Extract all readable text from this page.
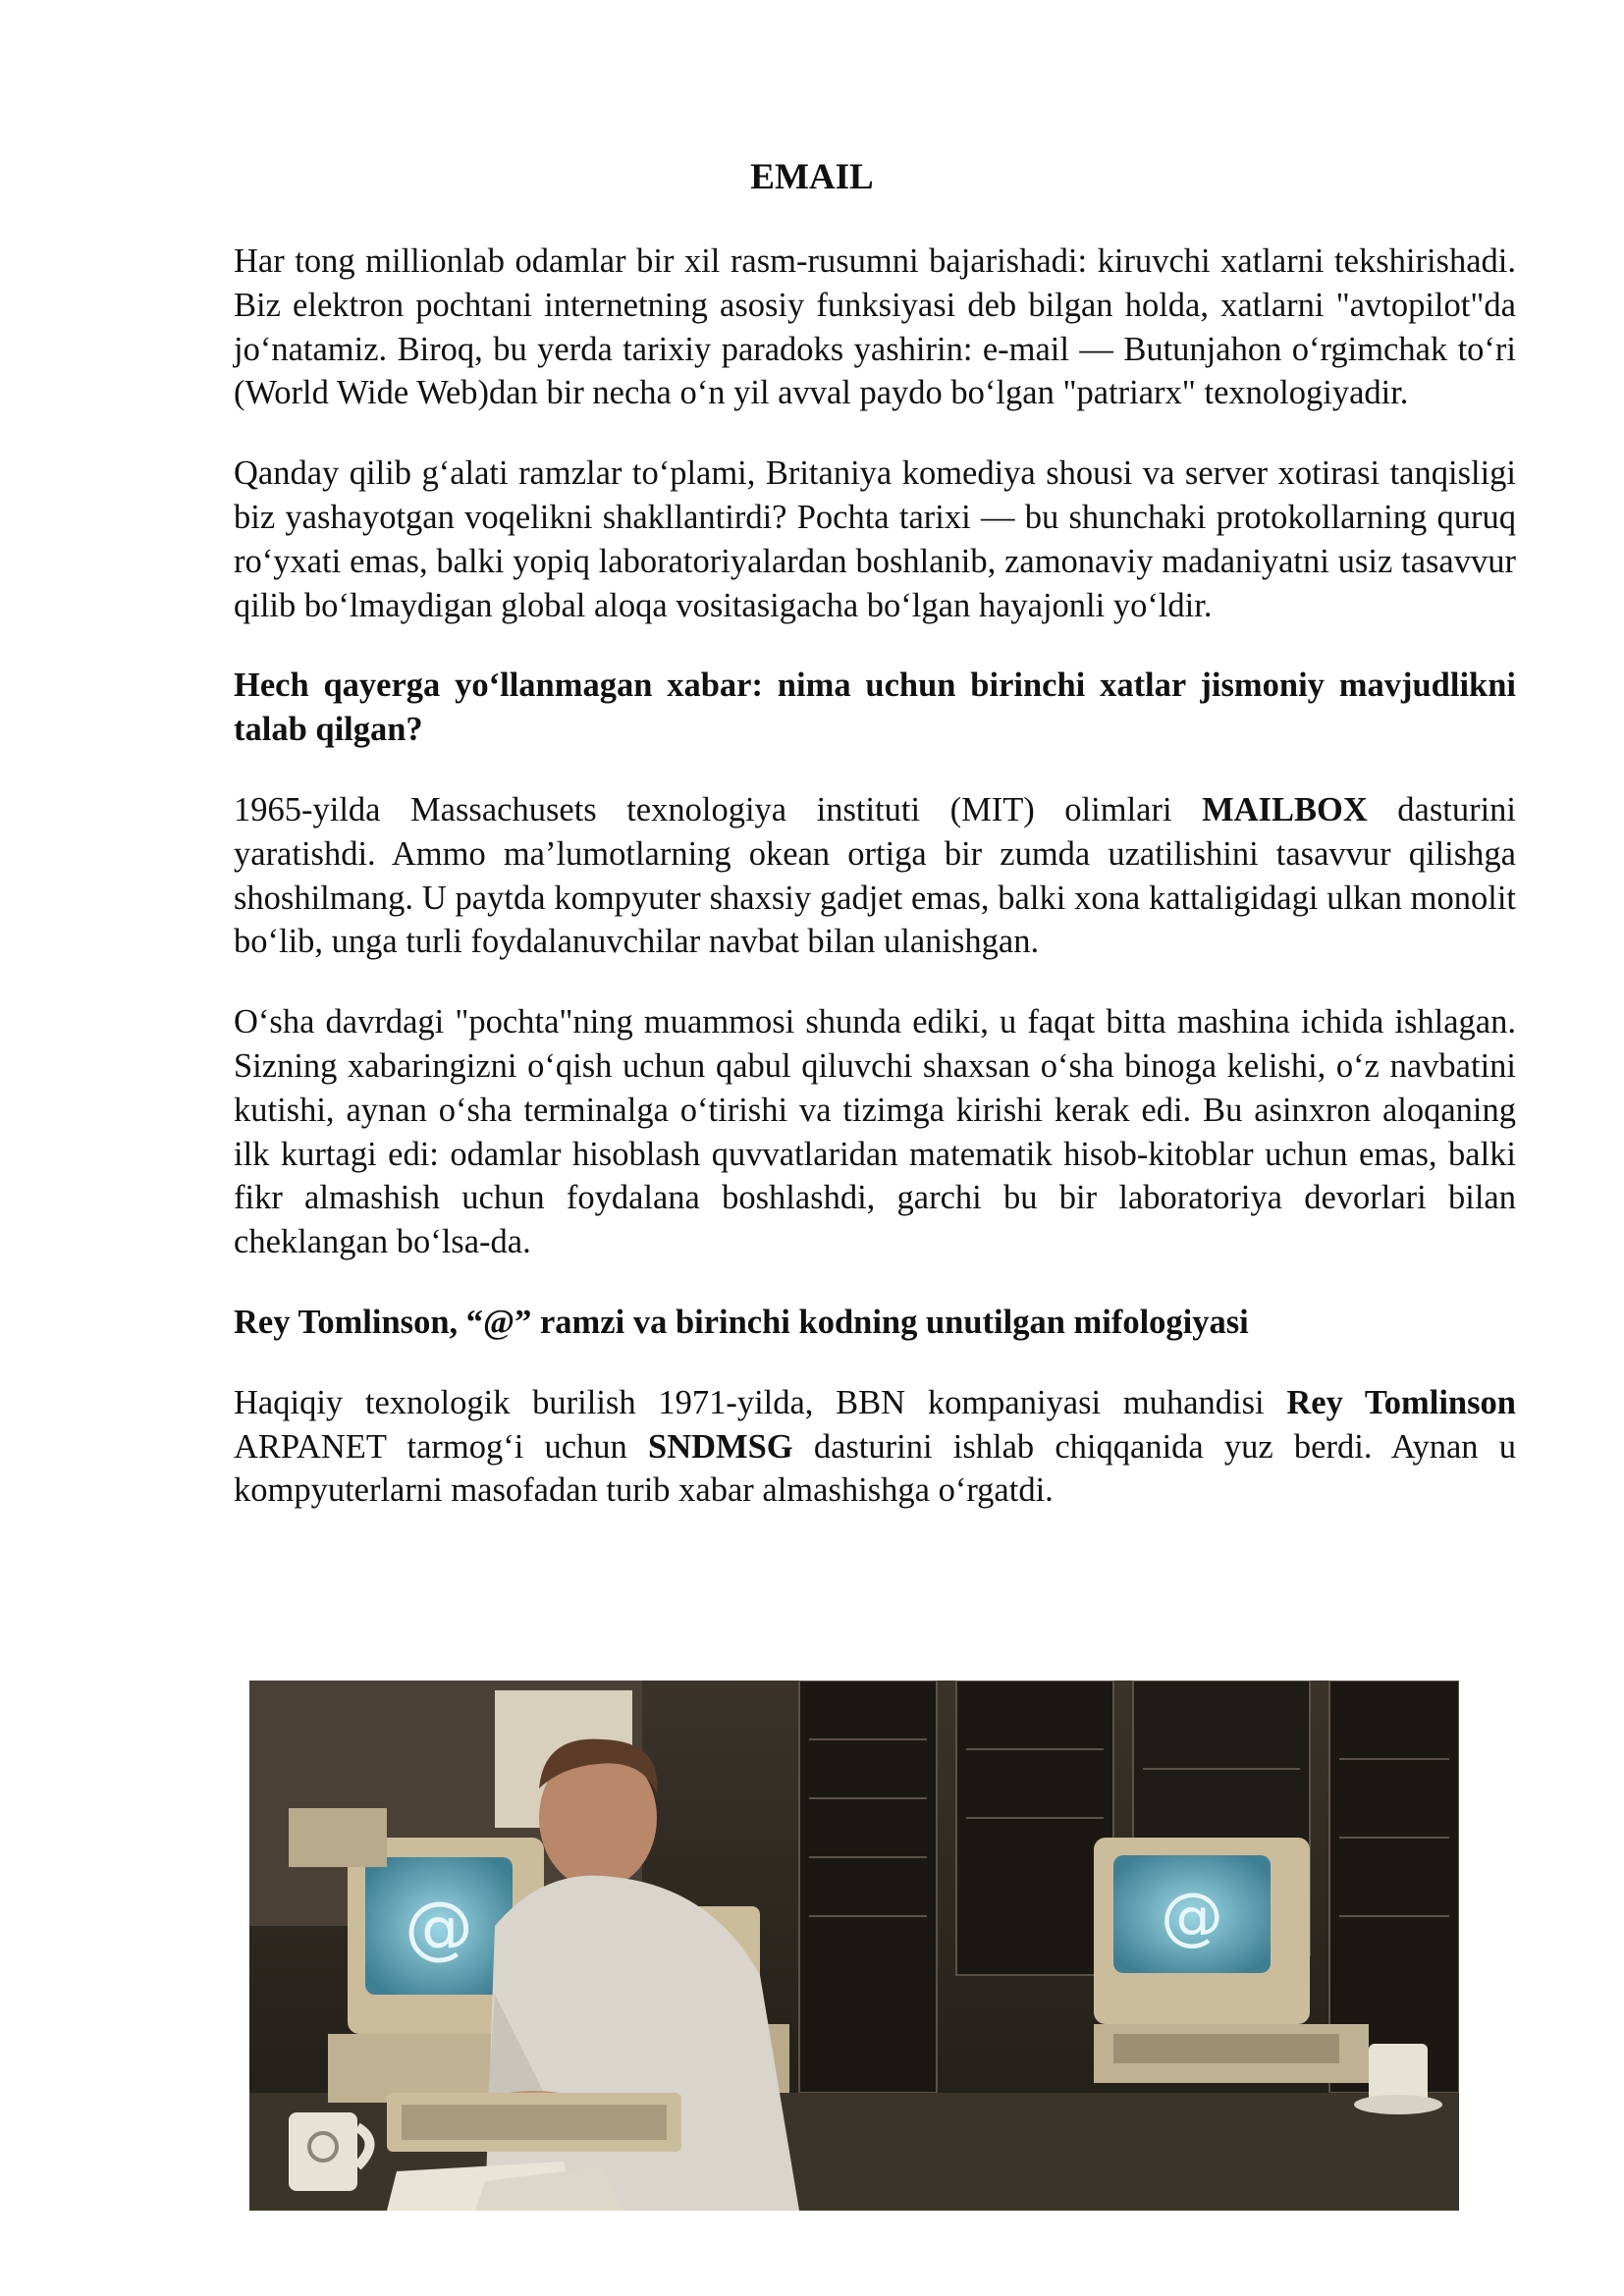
EMAIL

Har tong millionlab odamlar bir xil rasm-rusumni bajarishadi: kiruvchi xatlarni tekshirishadi. Biz elektron pochtani internetning asosiy funksiyasi deb bilgan holda, xatlarni "avtopilot"da jo‘natamiz. Biroq, bu yerda tarixiy paradoks yashirin: e-mail — Butunjahon o‘rgimchak to‘ri (World Wide Web)dan bir necha o‘n yil avval paydo bo‘lgan "patriarx" texnologiyadir.

Qanday qilib g‘alati ramzlar to‘plami, Britaniya komediya shousi va server xotirasi tanqisligi biz yashayotgan voqelikni shakllantirdi? Pochta tarixi — bu shunchaki protokollarning quruq ro‘yxati emas, balki yopiq laboratoriyalardan boshlanib, zamonaviy madaniyatni usiz tasavvur qilib bo‘lmaydigan global aloqa vositasigacha bo‘lgan hayajonli yo‘ldir.

Hech qayerga yo‘llanmagan xabar: nima uchun birinchi xatlar jismoniy mavjudlikni talab qilgan?

1965-yilda Massachusets texnologiya instituti (MIT) olimlari MAILBOX dasturini yaratishdi. Ammo ma’lumotlarning okean ortiga bir zumda uzatilishini tasavvur qilishga shoshilmang. U paytda kompyuter shaxsiy gadjet emas, balki xona kattaligidagi ulkan monolit bo‘lib, unga turli foydalanuvchilar navbat bilan ulanishgan.

O‘sha davrdagi "pochta"ning muammosi shunda ediki, u faqat bitta mashina ichida ishlagan. Sizning xabaringizni o‘qish uchun qabul qiluvchi shaxsan o‘sha binoga kelishi, o‘z navbatini kutishi, aynan o‘sha terminalga o‘tirishi va tizimga kirishi kerak edi. Bu asinxron aloqaning ilk kurtagi edi: odamlar hisoblash quvvatlaridan matematik hisob-kitoblar uchun emas, balki fikr almashish uchun foydalana boshlashdi, garchi bu bir laboratoriya devorlari bilan cheklangan bo‘lsa-da.

Rey Tomlinson, “@” ramzi va birinchi kodning unutilgan mifologiyasi

Haqiqiy texnologik burilish 1971-yilda, BBN kompaniyasi muhandisi Rey Tomlinson ARPANET tarmog‘i uchun SNDMSG dasturini ishlab chiqqanida yuz berdi. Aynan u kompyuterlarni masofadan turib xabar almashishga o‘rgatdi.

@	@
